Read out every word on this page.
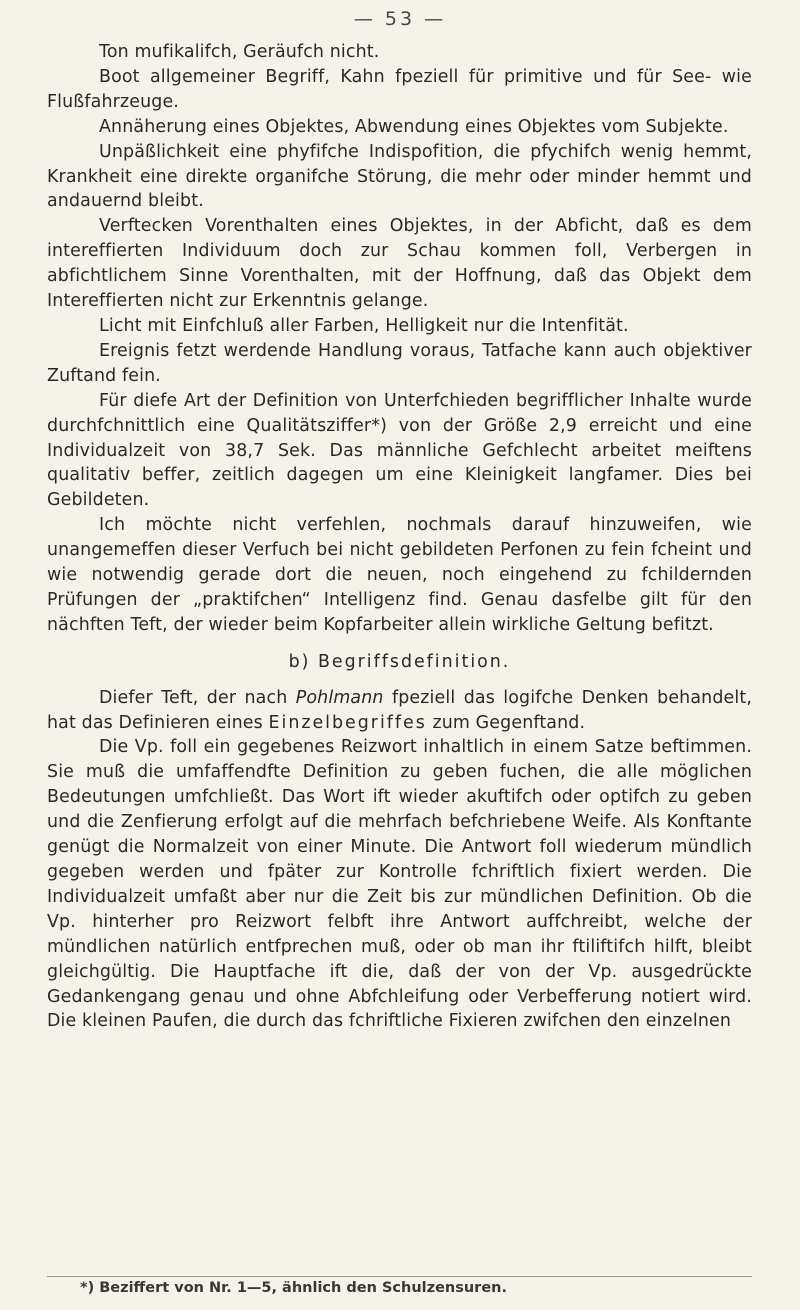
— 53 —

Ton mufikalifch, Geräufch nicht.

Boot allgemeiner Begriff, Kahn fpeziell für primitive und für See- wie Flußfahrzeuge.

Annäherung eines Objektes, Abwendung eines Objektes vom Subjekte.

Unpäßlichkeit eine phyfifche Indispofition, die pfychifch wenig hemmt, Krankheit eine direkte organifche Störung, die mehr oder minder hemmt und andauernd bleibt.

Verftecken Vorenthalten eines Objektes, in der Abficht, daß es dem intereffierten Individuum doch zur Schau kommen foll, Verbergen in abfichtlichem Sinne Vorenthalten, mit der Hoffnung, daß das Objekt dem Intereffierten nicht zur Erkenntnis gelange.

Licht mit Einfchluß aller Farben, Helligkeit nur die Intenfität.

Ereignis fetzt werdende Handlung voraus, Tatfache kann auch objektiver Zuftand fein.

Für diefe Art der Definition von Unterfchieden begrifflicher Inhalte wurde durchfchnittlich eine Qualitätsziffer*) von der Größe 2,9 erreicht und eine Individualzeit von 38,7 Sek. Das männliche Gefchlecht arbeitet meiftens qualitativ beffer, zeitlich dagegen um eine Kleinigkeit langfamer. Dies bei Gebildeten.

Ich möchte nicht verfehlen, nochmals darauf hinzuweifen, wie unangemeffen dieser Verfuch bei nicht gebildeten Perfonen zu fein fcheint und wie notwendig gerade dort die neuen, noch eingehend zu fchildernden Prüfungen der „praktifchen“ Intelligenz find. Genau dasfelbe gilt für den nächften Teft, der wieder beim Kopfarbeiter allein wirkliche Geltung befitzt.

b) Begriffsdefinition.

Diefer Teft, der nach Pohlmann fpeziell das logifche Denken behandelt, hat das Definieren eines Einzelbegriffes zum Gegenftand.

Die Vp. foll ein gegebenes Reizwort inhaltlich in einem Satze beftimmen. Sie muß die umfaffendfte Definition zu geben fuchen, die alle möglichen Bedeutungen umfchließt. Das Wort ift wieder akuftifch oder optifch zu geben und die Zenfierung erfolgt auf die mehrfach befchriebene Weife. Als Konftante genügt die Normalzeit von einer Minute. Die Antwort foll wiederum mündlich gegeben werden und fpäter zur Kontrolle fchriftlich fixiert werden. Die Individualzeit umfaßt aber nur die Zeit bis zur mündlichen Definition. Ob die Vp. hinterher pro Reizwort felbft ihre Antwort auffchreibt, welche der mündlichen natürlich entfprechen muß, oder ob man ihr ftiliftifch hilft, bleibt gleichgültig. Die Hauptfache ift die, daß der von der Vp. ausgedrückte Gedankengang genau und ohne Abfchleifung oder Verbefferung notiert wird. Die kleinen Paufen, die durch das fchriftliche Fixieren zwifchen den einzelnen

*) Beziffert von Nr. 1—5, ähnlich den Schulzensuren.
